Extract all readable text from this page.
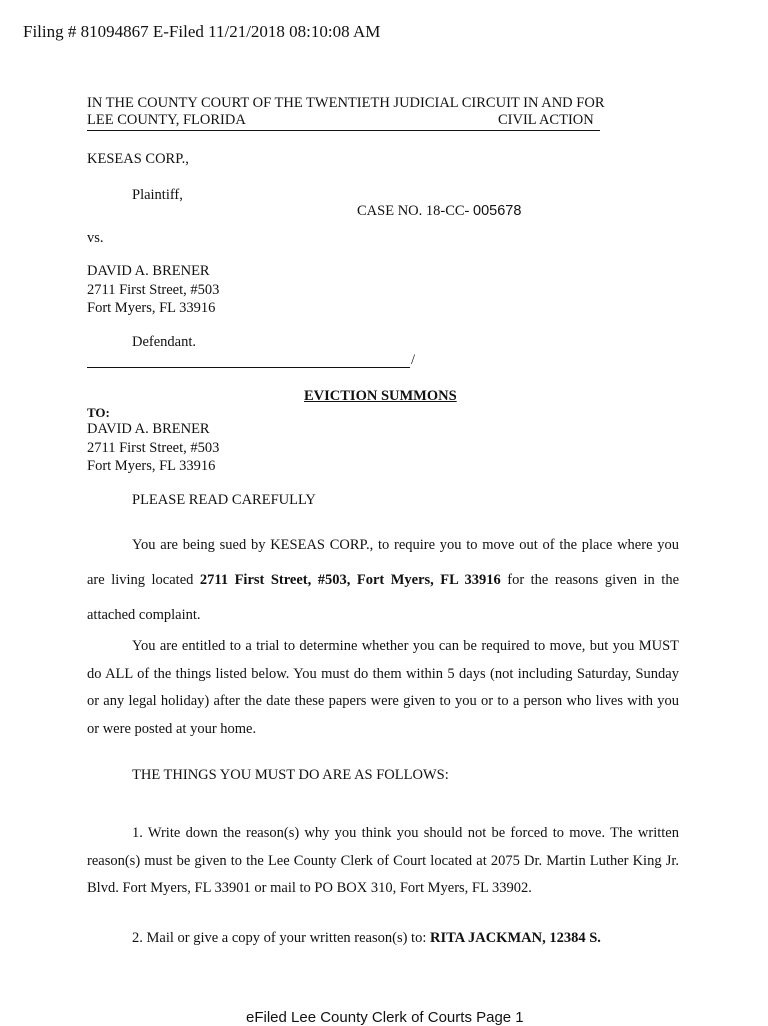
Filing # 81094867 E-Filed 11/21/2018 08:10:08 AM
IN THE COUNTY COURT OF THE TWENTIETH JUDICIAL CIRCUIT IN AND FOR
LEE COUNTY, FLORIDA	CIVIL ACTION
KESEAS CORP.,
Plaintiff,
CASE NO. 18-CC- 005678
vs.
DAVID A. BRENER
2711 First Street, #503
Fort Myers, FL 33916
Defendant.
/
EVICTION SUMMONS
TO:
DAVID A. BRENER
2711 First Street, #503
Fort Myers, FL 33916
PLEASE READ CAREFULLY
You are being sued by KESEAS CORP., to require you to move out of the place where you are living located 2711 First Street, #503, Fort Myers, FL 33916 for the reasons given in the attached complaint.
You are entitled to a trial to determine whether you can be required to move, but you MUST do ALL of the things listed below. You must do them within 5 days (not including Saturday, Sunday or any legal holiday) after the date these papers were given to you or to a person who lives with you or were posted at your home.
THE THINGS YOU MUST DO ARE AS FOLLOWS:
1. Write down the reason(s) why you think you should not be forced to move. The written reason(s) must be given to the Lee County Clerk of Court located at 2075 Dr. Martin Luther King Jr. Blvd. Fort Myers, FL 33901 or mail to PO BOX 310, Fort Myers, FL 33902.
2. Mail or give a copy of your written reason(s) to: RITA JACKMAN, 12384 S.
eFiled Lee County Clerk of Courts Page 1
